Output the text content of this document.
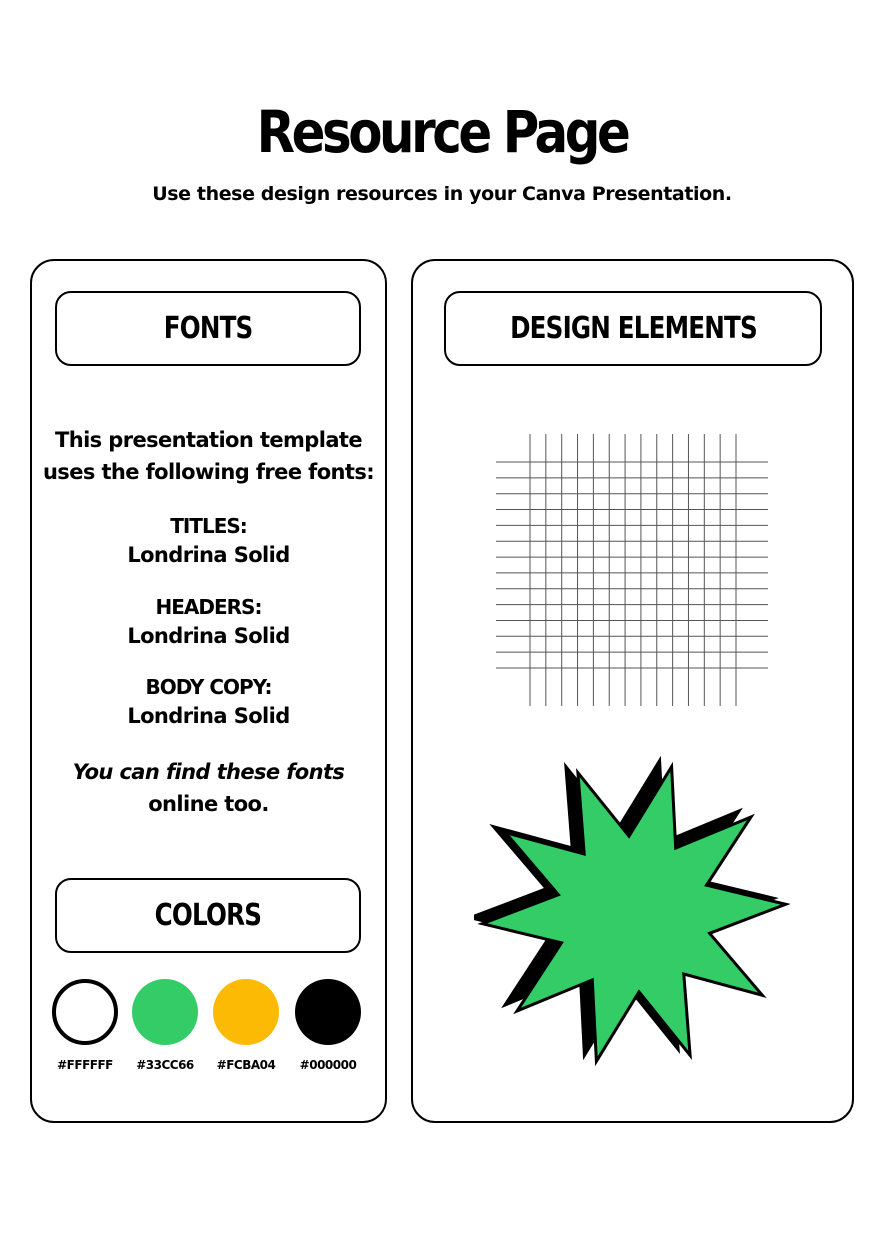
Resource Page
Use these design resources in your Canva Presentation.
FONTS
This presentation template
uses the following free fonts:
TITLES:
Londrina Solid
HEADERS:
Londrina Solid
BODY COPY:
Londrina Solid
You can find these fonts
online too.
COLORS
#FFFFFF	#33CC66	#FCBA04	#000000
DESIGN ELEMENTS
